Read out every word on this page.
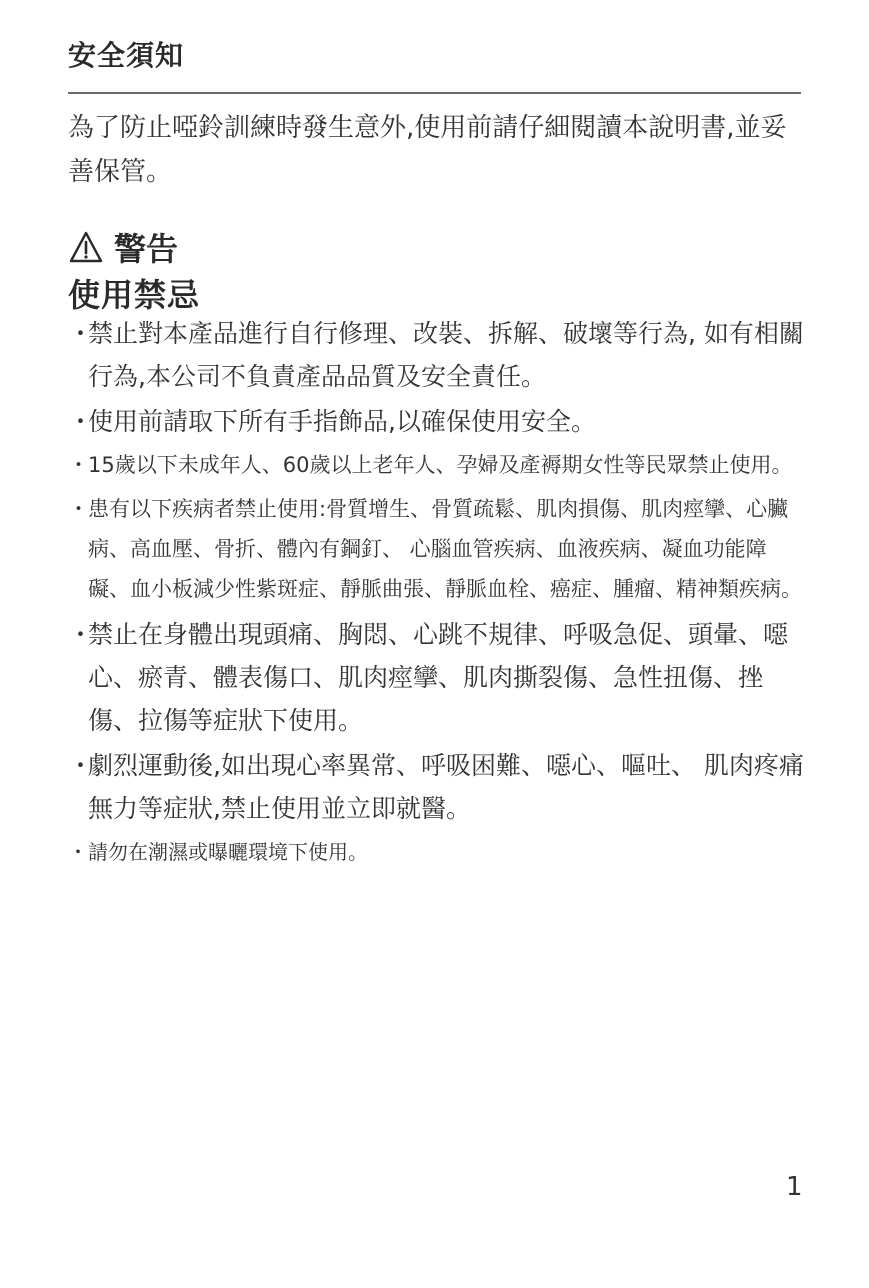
安全須知

為了防止啞鈴訓練時發生意外,使用前請仔細閱讀本說明書,並妥善保管。

警告
使用禁忌
・
禁止對本產品進行自行修理、改裝、拆解、破壞等行為, 如有相關行為,本公司不負責產品品質及安全責任。
・
使用前請取下所有手指飾品,以確保使用安全。
・ 15歲以下未成年人、60歲以上老年人、孕婦及產褥期女性等民眾禁止使用。
・ 患有以下疾病者禁止使用:骨質增生、骨質疏鬆、肌肉損傷、肌肉痙攣、心臟病、高血壓、骨折、體內有鋼釘、 心腦血管疾病、血液疾病、凝血功能障礙、血小板減少性紫斑症、靜脈曲張、靜脈血栓、癌症、腫瘤、精神類疾病。
・
禁止在身體出現頭痛、胸悶、心跳不規律、呼吸急促、頭暈、噁心、瘀青、體表傷口、肌肉痙攣、肌肉撕裂傷、急性扭傷、挫傷、拉傷等症狀下使用。
・
劇烈運動後,如出現心率異常、呼吸困難、噁心、嘔吐、 肌肉疼痛無力等症狀,禁止使用並立即就醫。
・ 請勿在潮濕或曝曬環境下使用。
1
